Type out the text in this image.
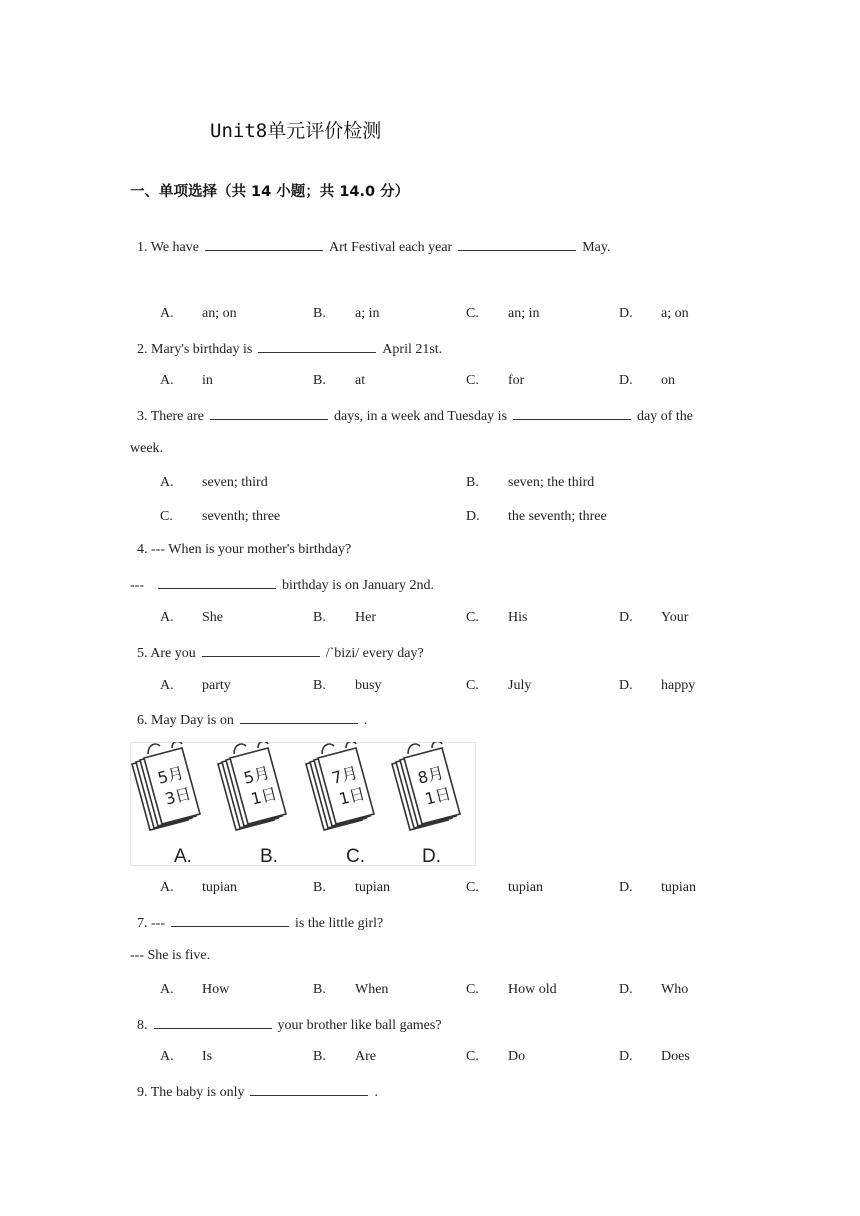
Unit8单元评价检测
一、单项选择（共 14 小题；共 14.0 分）
1. We have	Art Festival each year	May.
A. an; on	B. a; in	C. an; in	D. a; on
2. Mary's birthday is	April 21st.
A. in	B. at	C. for	D. on
3. There are	days, in a week and Tuesday is	day of the
week.
A. seven; third	B. seven; the third
C. seventh; three	D. the seventh; three
4. --- When is your mother's birthday?
---	birthday is on January 2nd.
A. She	B. Her	C. His	D. Your
5. Are you	/`bizi/ every day?
A. party	B. busy	C. July	D. happy
6. May Day is on	.
5月
3日
5月
1日
7月
1日
8月
1日
A.	B.	C.	D.
A. tupian	B. tupian	C. tupian	D. tupian
7. ---	is the little girl?
--- She is five.
A. How	B. When	C. How old	D. Who
8.	your brother like ball games?
A. Is	B. Are	C. Do	D. Does
9. The baby is only	.
